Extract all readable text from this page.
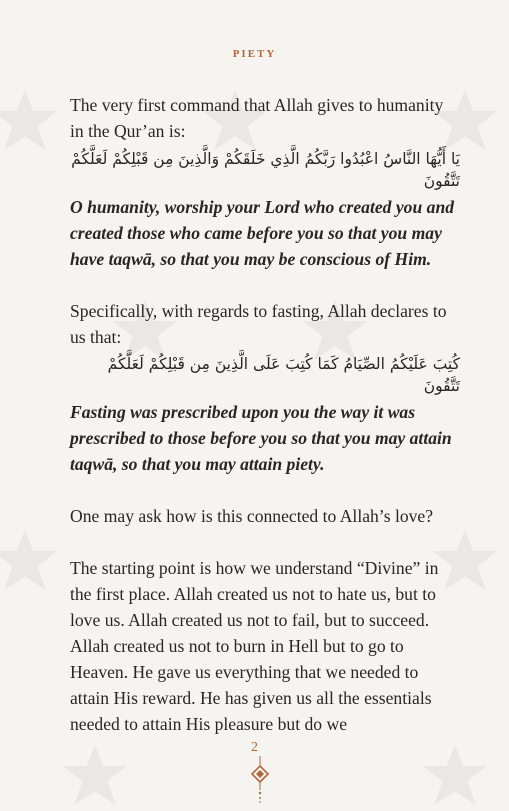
PIETY

The very first command that Allah gives to humanity in the Qur’an is:

يَا أَيُّهَا النَّاسُ اعْبُدُوا رَبَّكُمُ الَّذِي خَلَقَكُمْ وَالَّذِينَ مِن قَبْلِكُمْ لَعَلَّكُمْ تَتَّقُونَ

O humanity, worship your Lord who created you and created those who came before you so that you may have taqwā, so that you may be conscious of Him.

Specifically, with regards to fasting, Allah declares to us that:

كُتِبَ عَلَيْكُمُ الصِّيَامُ كَمَا كُتِبَ عَلَى الَّذِينَ مِن قَبْلِكُمْ لَعَلَّكُمْ تَتَّقُونَ

Fasting was prescribed upon you the way it was prescribed to those before you so that you may attain taqwā, so that you may attain piety.

One may ask how is this connected to Allah’s love?

The starting point is how we understand “Divine” in the first place. Allah created us not to hate us, but to love us. Allah created us not to fail, but to succeed. Allah created us not to burn in Hell but to go to Heaven. He gave us everything that we needed to attain His reward. He has given us all the essentials needed to attain His pleasure but do we

2
